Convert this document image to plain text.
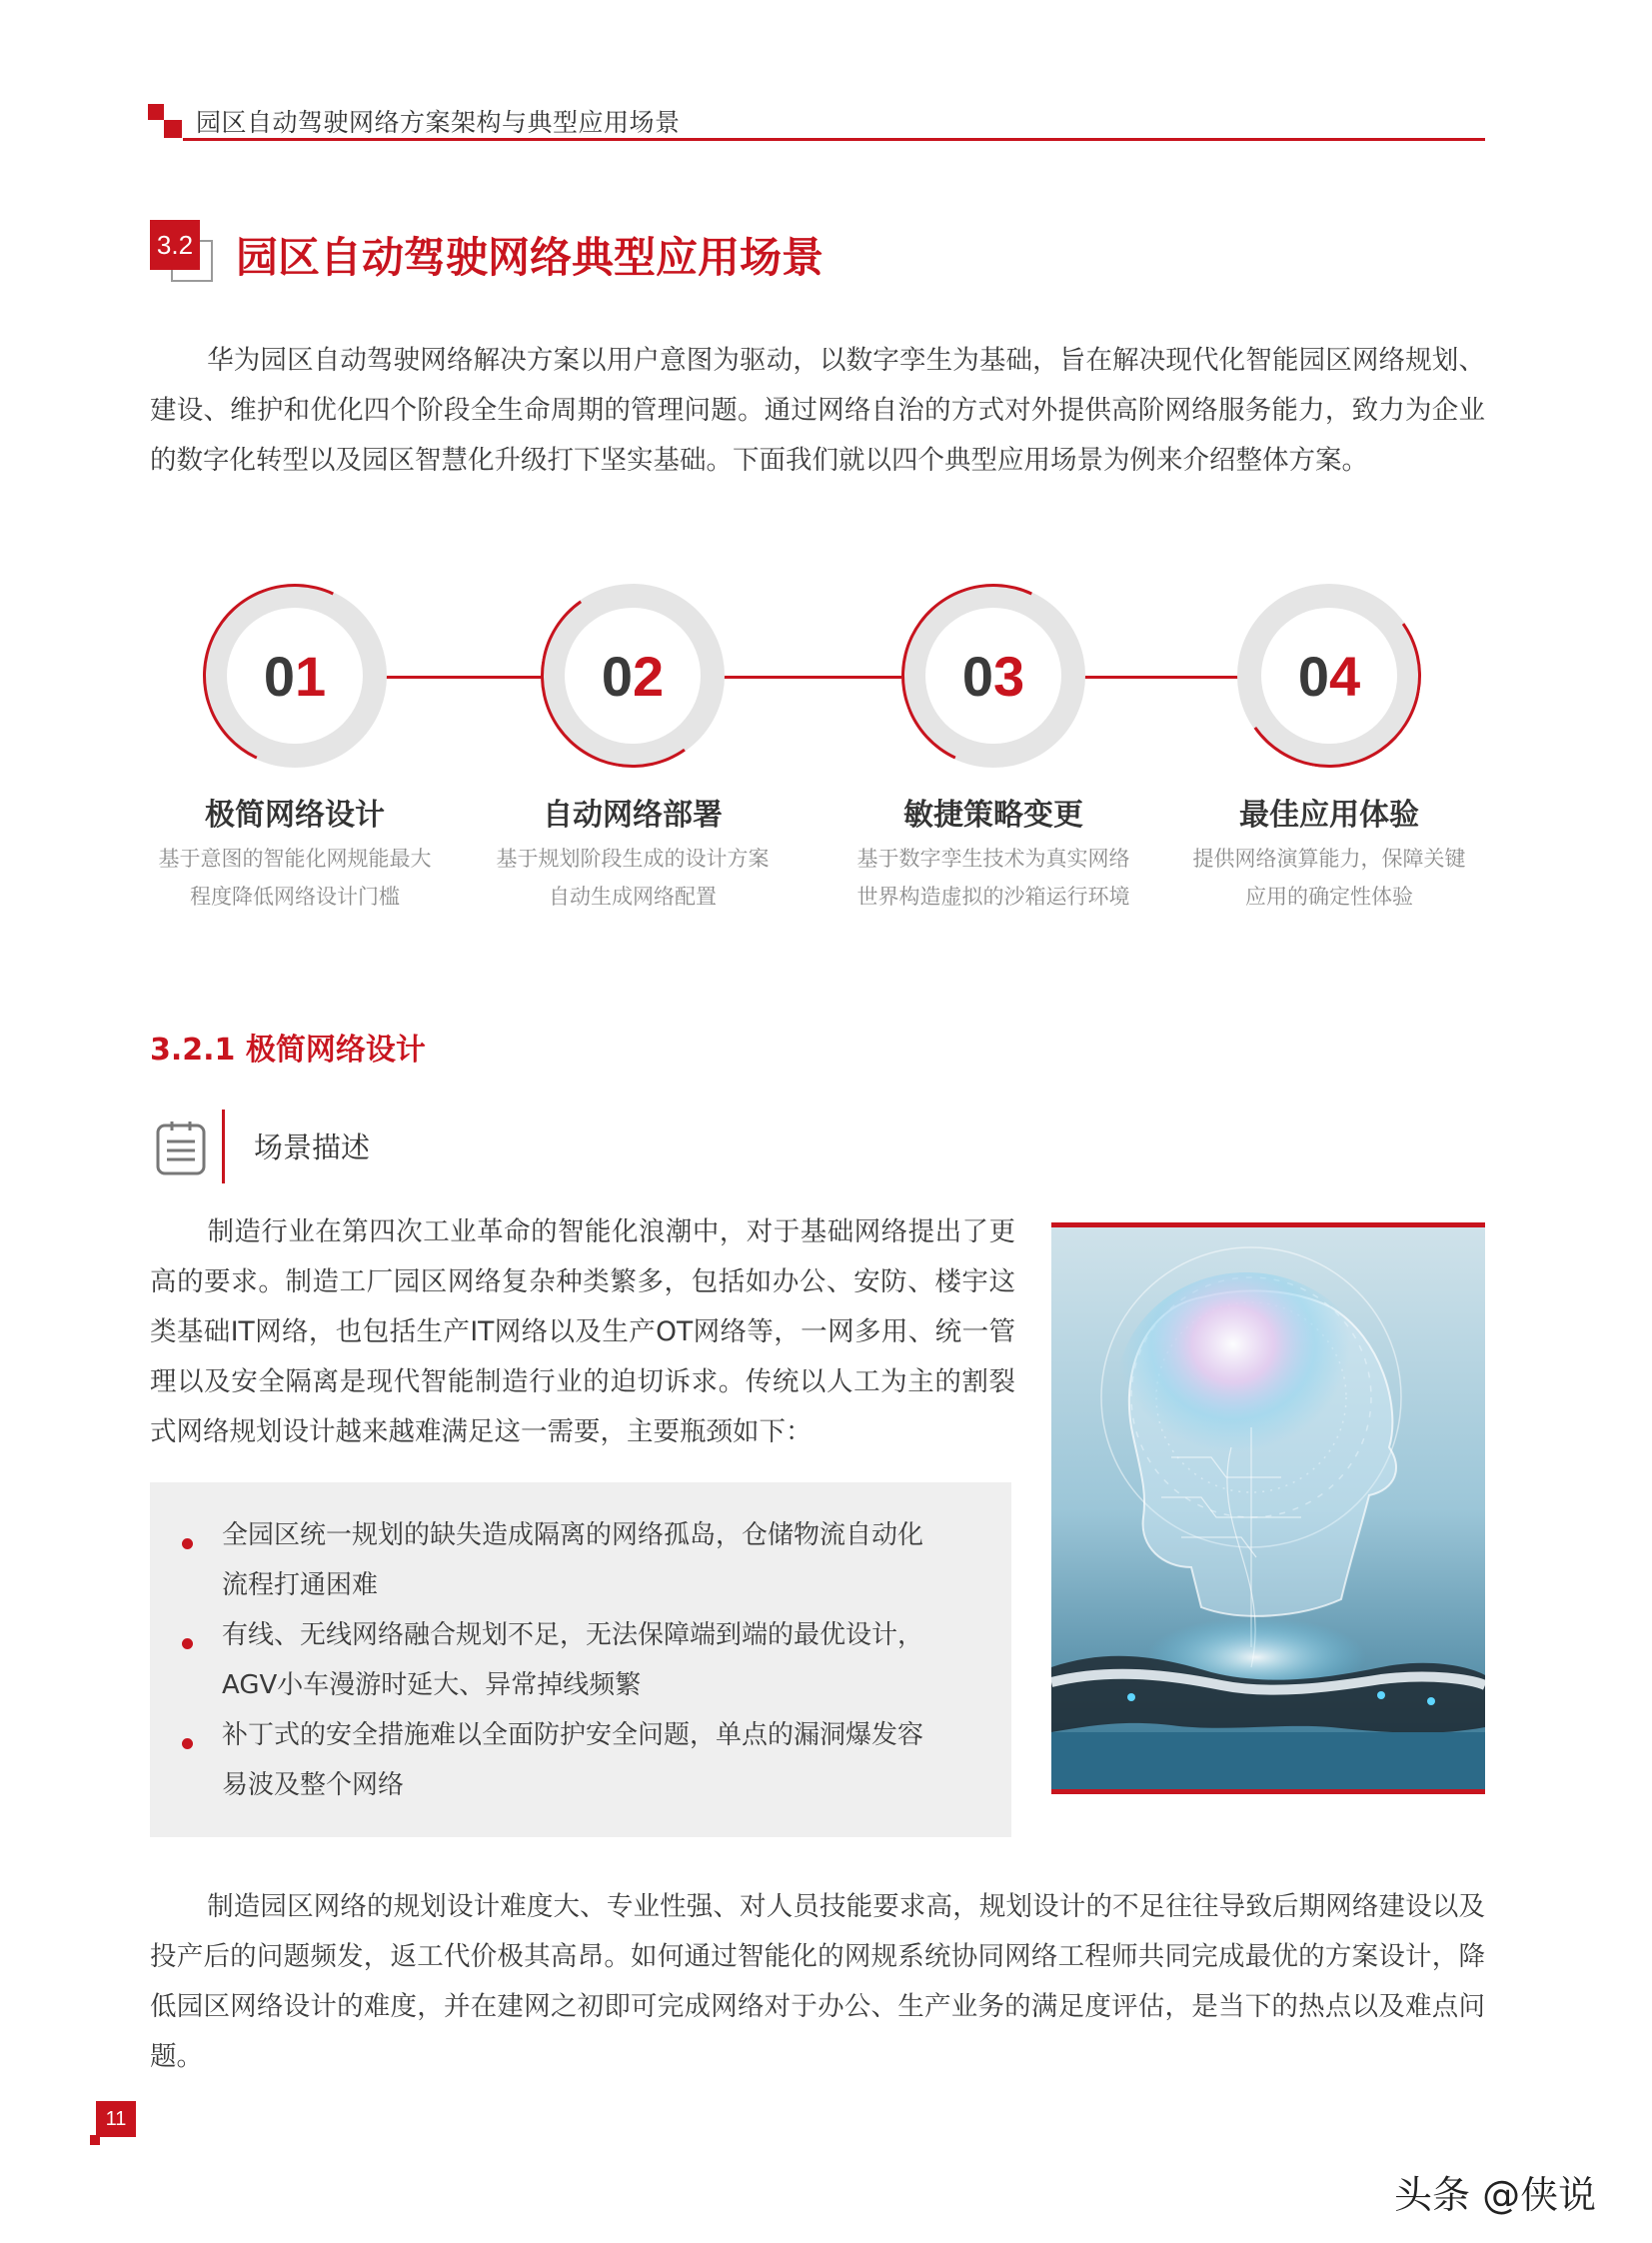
园区自动驾驶网络方案架构与典型应用场景
3.2 园区自动驾驶网络典型应用场景
华为园区自动驾驶网络解决方案以用户意图为驱动，以数字孪生为基础，旨在解决现代化智能园区网络规划、建设、维护和优化四个阶段全生命周期的管理问题。通过网络自治的方式对外提供高阶网络服务能力，致力为企业的数字化转型以及园区智慧化升级打下坚实基础。下面我们就以四个典型应用场景为例来介绍整体方案。
01
极简网络设计
基于意图的智能化网规能最大
程度降低网络设计门槛
02
自动网络部署
基于规划阶段生成的设计方案
自动生成网络配置
03
敏捷策略变更
基于数字孪生技术为真实网络
世界构造虚拟的沙箱运行环境
04
最佳应用体验
提供网络演算能力，保障关键
应用的确定性体验
3.2.1 极简网络设计
场景描述
制造行业在第四次工业革命的智能化浪潮中，对于基础网络提出了更高的要求。制造工厂园区网络复杂种类繁多，包括如办公、安防、楼宇这类基础IT网络，也包括生产IT网络以及生产OT网络等，一网多用、统一管理以及安全隔离是现代智能制造行业的迫切诉求。传统以人工为主的割裂式网络规划设计越来越难满足这一需要，主要瓶颈如下：
全园区统一规划的缺失造成隔离的网络孤岛，仓储物流自动化
流程打通困难
有线、无线网络融合规划不足，无法保障端到端的最优设计，
AGV小车漫游时延大、异常掉线频繁
补丁式的安全措施难以全面防护安全问题，单点的漏洞爆发容
易波及整个网络
制造园区网络的规划设计难度大、专业性强、对人员技能要求高，规划设计的不足往往导致后期网络建设以及投产后的问题频发，返工代价极其高昂。如何通过智能化的网规系统协同网络工程师共同完成最优的方案设计，降低园区网络设计的难度，并在建网之初即可完成网络对于办公、生产业务的满足度评估，是当下的热点以及难点问题。
11
头条 @侠说
